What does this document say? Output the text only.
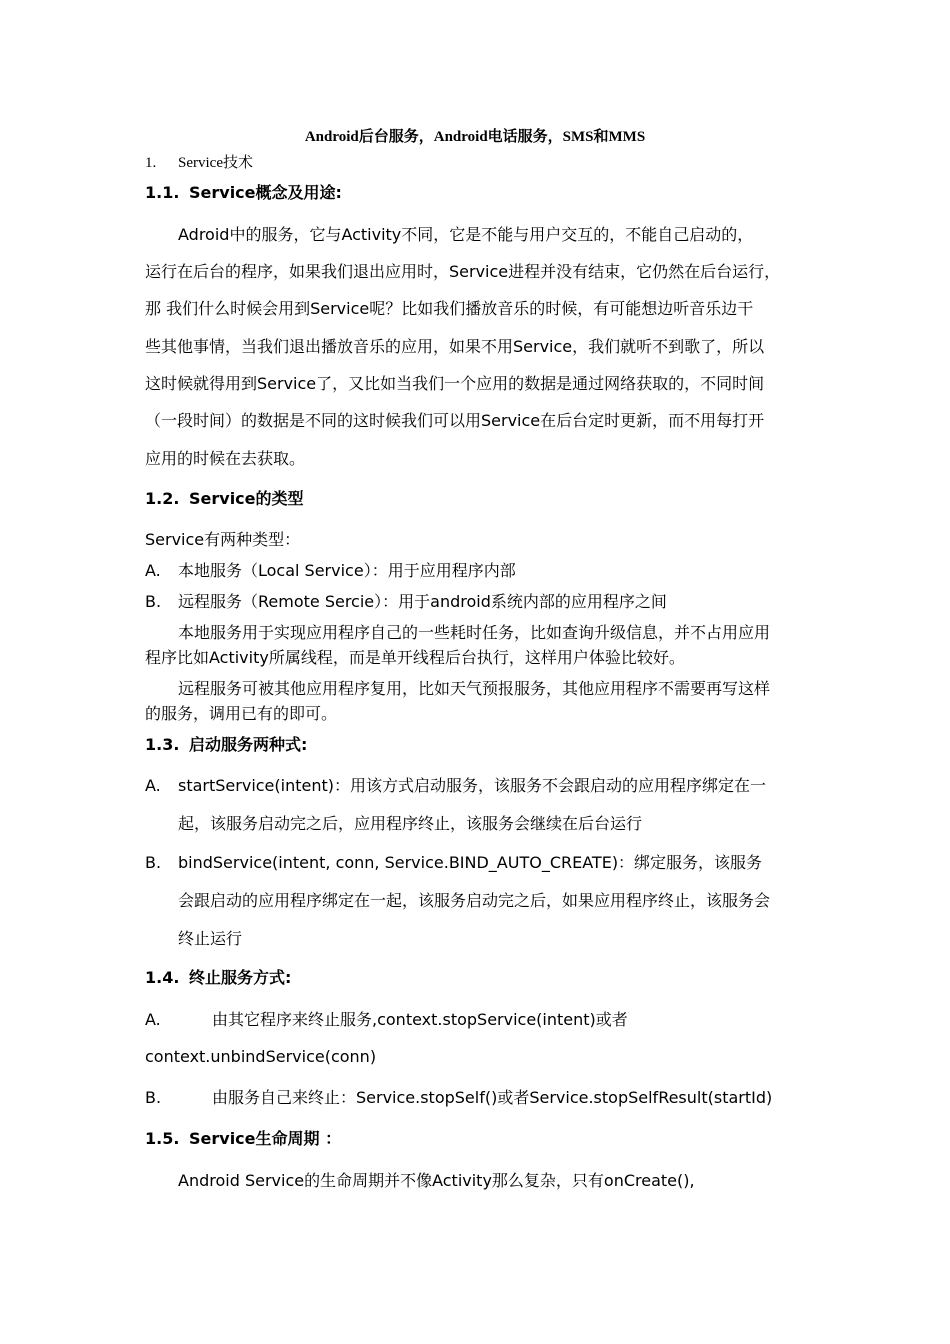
Android后台服务，Android电话服务，SMS和MMS
1. Service技术
1.1. Service概念及用途:
Adroid中的服务，它与Activity不同，它是不能与用户交互的，不能自己启动的，
运行在后台的程序，如果我们退出应用时，Service进程并没有结束，它仍然在后台运行，
那 我们什么时候会用到Service呢？比如我们播放音乐的时候，有可能想边听音乐边干
些其他事情，当我们退出播放音乐的应用，如果不用Service，我们就听不到歌了，所以
这时候就得用到Service了，又比如当我们一个应用的数据是通过网络获取的，不同时间
（一段时间）的数据是不同的这时候我们可以用Service在后台定时更新，而不用每打开
应用的时候在去获取。
1.2. Service的类型
Service有两种类型：
A. 本地服务（Local Service）：用于应用程序内部
B. 远程服务（Remote Sercie）：用于android系统内部的应用程序之间
本地服务用于实现应用程序自己的一些耗时任务，比如查询升级信息，并不占用应用
程序比如Activity所属线程，而是单开线程后台执行，这样用户体验比较好。
远程服务可被其他应用程序复用，比如天气预报服务，其他应用程序不需要再写这样
的服务，调用已有的即可。
1.3. 启动服务两种式:
A. startService(intent)：用该方式启动服务，该服务不会跟启动的应用程序绑定在一
起，该服务启动完之后，应用程序终止，该服务会继续在后台运行
B. bindService(intent, conn, Service.BIND_AUTO_CREATE)：绑定服务，该服务
会跟启动的应用程序绑定在一起，该服务启动完之后，如果应用程序终止，该服务会
终止运行
1.4. 终止服务方式:
A.	由其它程序来终止服务,context.stopService(intent)或者
context.unbindService(conn)
B.	由服务自己来终止：Service.stopSelf()或者Service.stopSelfResult(startId)
1.5. Service生命周期 ：
Android Service的生命周期并不像Activity那么复杂，只有onCreate(),
